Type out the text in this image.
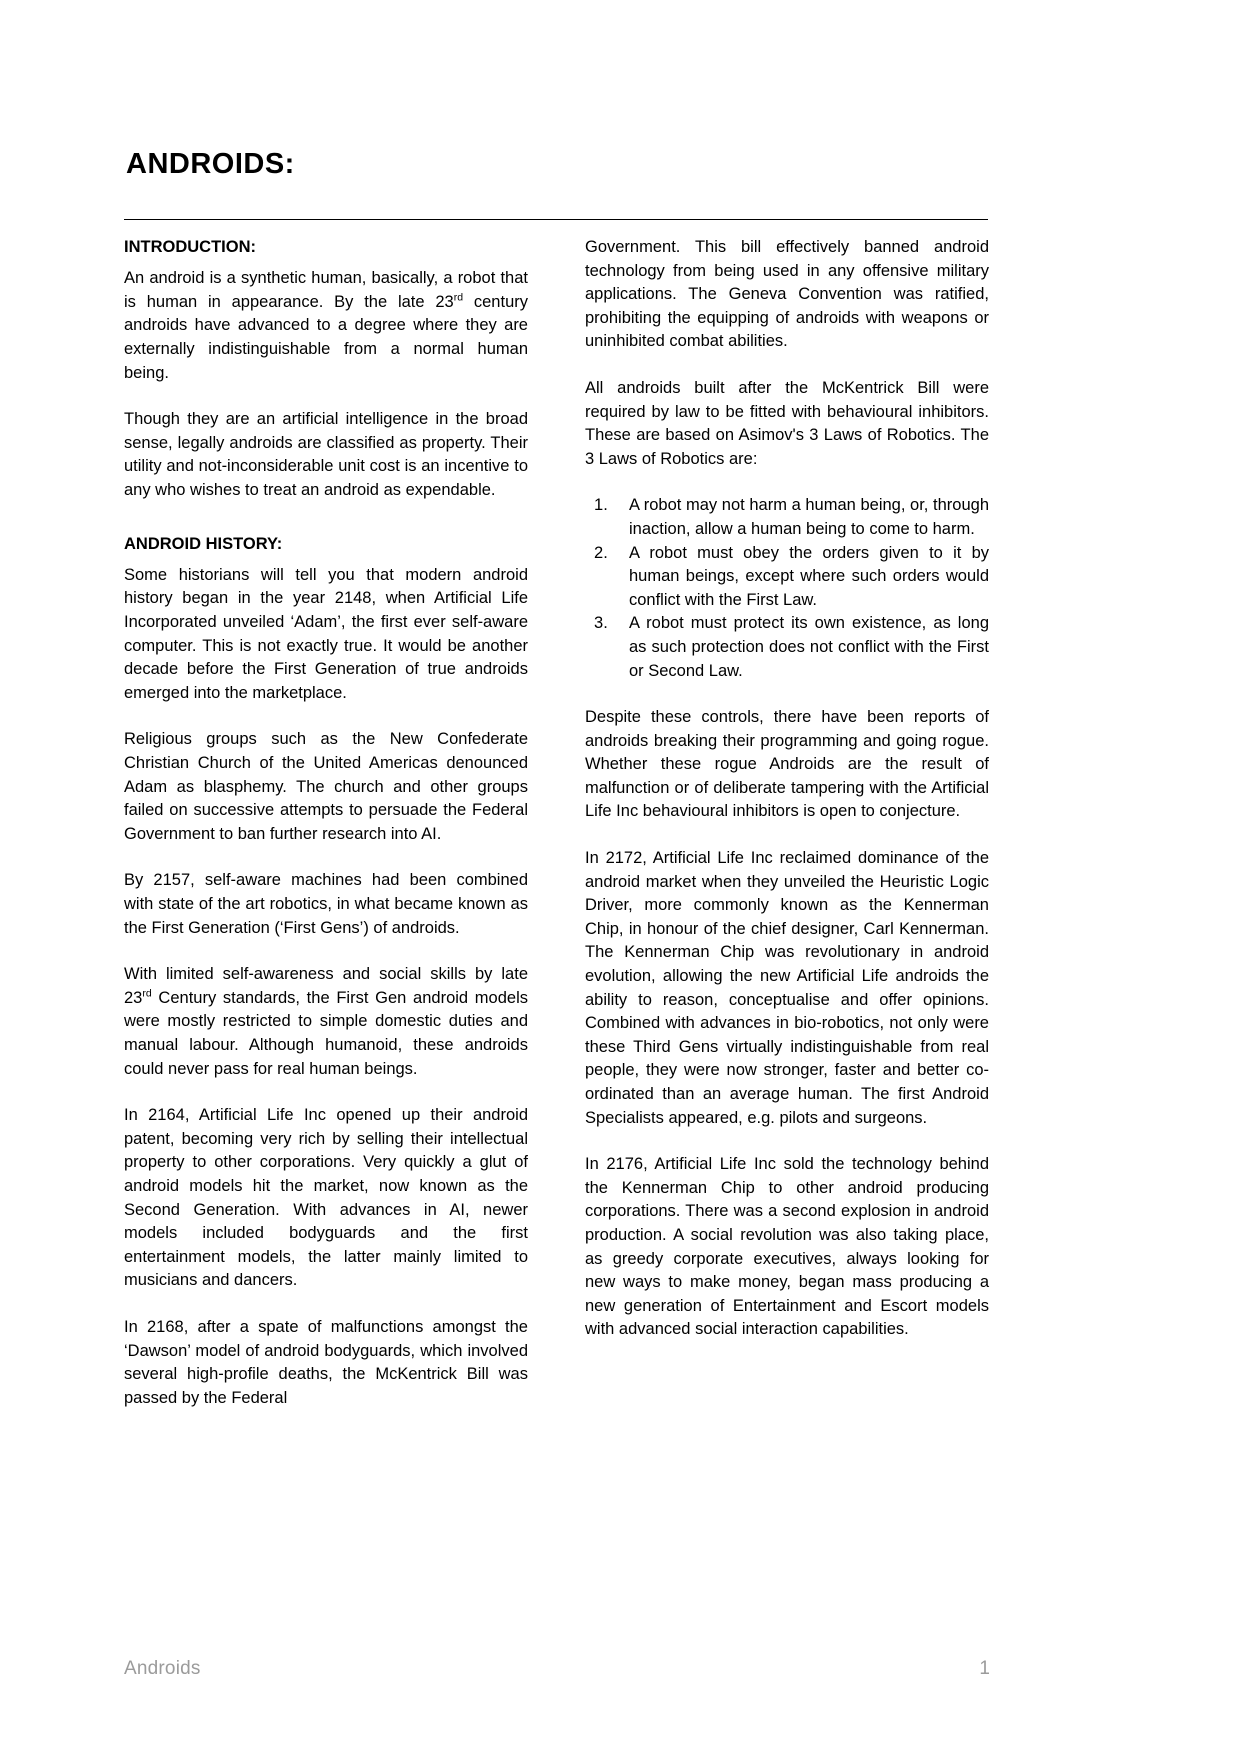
ANDROIDS:
INTRODUCTION:

An android is a synthetic human, basically, a robot that is human in appearance. By the late 23rd century androids have advanced to a degree where they are externally indistinguishable from a normal human being.

Though they are an artificial intelligence in the broad sense, legally androids are classified as property. Their utility and not-inconsiderable unit cost is an incentive to any who wishes to treat an android as expendable.

ANDROID HISTORY:

Some historians will tell you that modern android history began in the year 2148, when Artificial Life Incorporated unveiled ‘Adam’, the first ever self-aware computer. This is not exactly true. It would be another decade before the First Generation of true androids emerged into the marketplace.

Religious groups such as the New Confederate Christian Church of the United Americas denounced Adam as blasphemy. The church and other groups failed on successive attempts to persuade the Federal Government to ban further research into AI.

By 2157, self-aware machines had been combined with state of the art robotics, in what became known as the First Generation (‘First Gens’) of androids.

With limited self-awareness and social skills by late 23rd Century standards, the First Gen android models were mostly restricted to simple domestic duties and manual labour. Although humanoid, these androids could never pass for real human beings.

In 2164, Artificial Life Inc opened up their android patent, becoming very rich by selling their intellectual property to other corporations. Very quickly a glut of android models hit the market, now known as the Second Generation. With advances in AI, newer models included bodyguards and the first entertainment models, the latter mainly limited to musicians and dancers.

In 2168, after a spate of malfunctions amongst the ‘Dawson’ model of android bodyguards, which involved several high-profile deaths, the McKentrick Bill was passed by the Federal

Government. This bill effectively banned android technology from being used in any offensive military applications. The Geneva Convention was ratified, prohibiting the equipping of androids with weapons or uninhibited combat abilities.

All androids built after the McKentrick Bill were required by law to be fitted with behavioural inhibitors. These are based on Asimov's 3 Laws of Robotics. The 3 Laws of Robotics are:

A robot may not harm a human being, or, through inaction, allow a human being to come to harm.
A robot must obey the orders given to it by human beings, except where such orders would conflict with the First Law.
A robot must protect its own existence, as long as such protection does not conflict with the First or Second Law.

Despite these controls, there have been reports of androids breaking their programming and going rogue. Whether these rogue Androids are the result of malfunction or of deliberate tampering with the Artificial Life Inc behavioural inhibitors is open to conjecture.

In 2172, Artificial Life Inc reclaimed dominance of the android market when they unveiled the Heuristic Logic Driver, more commonly known as the Kennerman Chip, in honour of the chief designer, Carl Kennerman. The Kennerman Chip was revolutionary in android evolution, allowing the new Artificial Life androids the ability to reason, conceptualise and offer opinions. Combined with advances in bio-robotics, not only were these Third Gens virtually indistinguishable from real people, they were now stronger, faster and better co-ordinated than an average human. The first Android Specialists appeared, e.g. pilots and surgeons.

In 2176, Artificial Life Inc sold the technology behind the Kennerman Chip to other android producing corporations. There was a second explosion in android production. A social revolution was also taking place, as greedy corporate executives, always looking for new ways to make money, began mass producing a new generation of Entertainment and Escort models with advanced social interaction capabilities.

Androids	1
